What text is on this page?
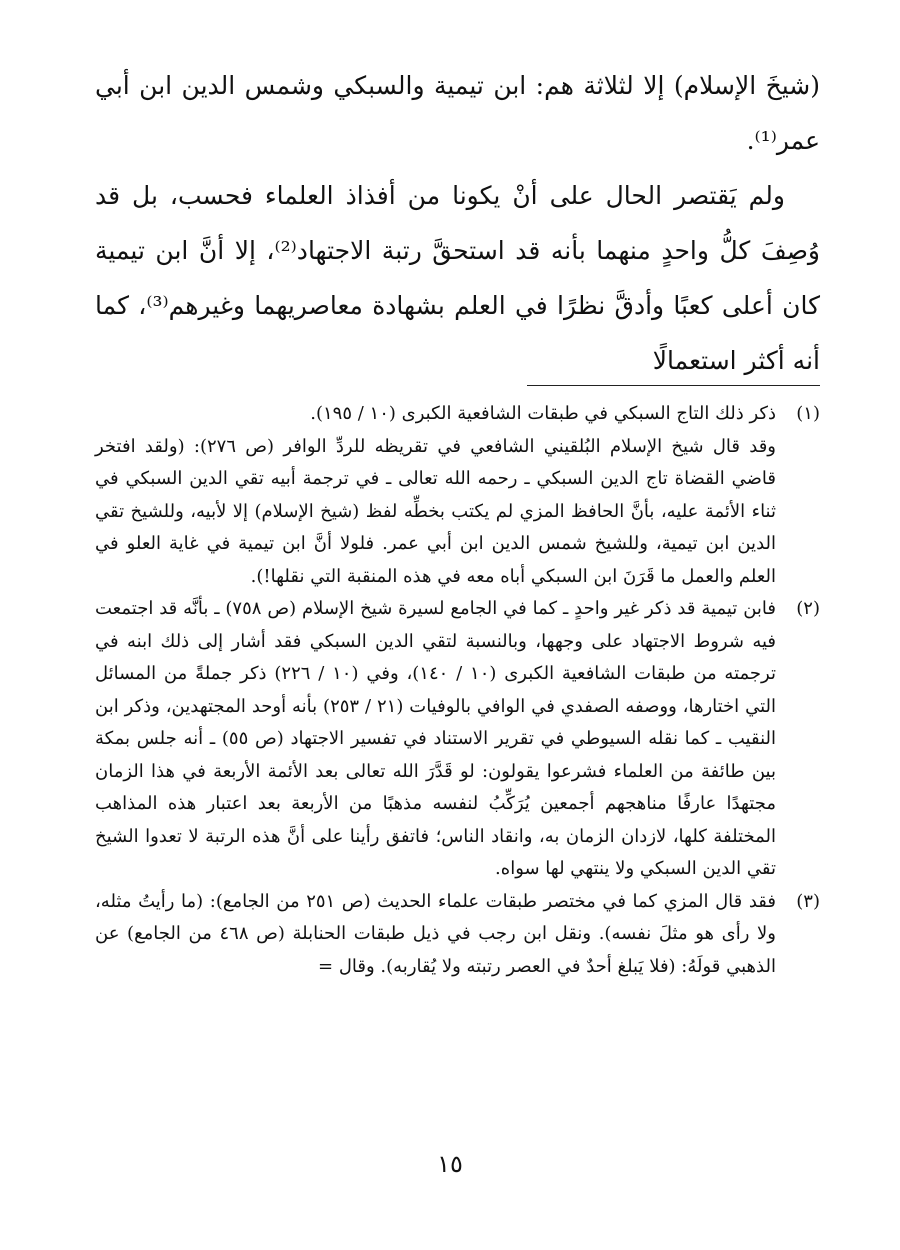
(شيخَ الإسلام) إلا لثلاثة هم: ابن تيمية والسبكي وشمس الدين ابن أبي عمر⁽¹⁾.

ولم يَقتصر الحال على أنْ يكونا من أفذاذ العلماء فحسب، بل قد وُصِفَ كلُّ واحدٍ منهما بأنه قد استحقَّ رتبة الاجتهاد⁽²⁾، إلا أنَّ ابن تيمية كان أعلى كعبًا وأدقَّ نظرًا في العلم بشهادة معاصريهما وغيرهم⁽³⁾، كما أنه أكثر استعمالًا

(١)

ذكر ذلك التاج السبكي في طبقات الشافعية الكبرى (١٠ / ١٩٥).

وقد قال شيخ الإسلام البُلقيني الشافعي في تقريظه للردِّ الوافر (ص ٢٧٦): (ولقد افتخر قاضي القضاة تاج الدين السبكي ـ رحمه الله تعالى ـ في ترجمة أبيه تقي الدين السبكي في ثناء الأئمة عليه، بأنَّ الحافظ المزي لم يكتب بخطِّه لفظ (شيخ الإسلام) إلا لأبيه، وللشيخ تقي الدين ابن تيمية، وللشيخ شمس الدين ابن أبي عمر. فلولا أنَّ ابن تيمية في غاية العلو في العلم والعمل ما قَرَنَ ابن السبكي أباه معه في هذه المنقبة التي نقلها!).
(٢)
فابن تيمية قد ذكر غير واحدٍ ـ كما في الجامع لسيرة شيخ الإسلام (ص ٧٥٨) ـ بأنَّه قد اجتمعت فيه شروط الاجتهاد على وجهها، وبالنسبة لتقي الدين السبكي فقد أشار إلى ذلك ابنه في ترجمته من طبقات الشافعية الكبرى (١٠ / ١٤٠)، وفي (١٠ / ٢٢٦) ذكر جملةً من المسائل التي اختارها، ووصفه الصفدي في الوافي بالوفيات (٢١ / ٢٥٣) بأنه أوحد المجتهدين، وذكر ابن النقيب ـ كما نقله السيوطي في تقرير الاستناد في تفسير الاجتهاد (ص ٥٥) ـ أنه جلس بمكة بين طائفة من العلماء فشرعوا يقولون: لو قَدَّرَ الله تعالى بعد الأئمة الأربعة في هذا الزمان مجتهدًا عارفًا مناهجهم أجمعين يُرَكِّبُ لنفسه مذهبًا من الأربعة بعد اعتبار هذه المذاهب المختلفة كلها، لازدان الزمان به، وانقاد الناس؛ فاتفق رأينا على أنَّ هذه الرتبة لا تعدوا الشيخ تقي الدين السبكي ولا ينتهي لها سواه.
(٣)
فقد قال المزي كما في مختصر طبقات علماء الحديث (ص ٢٥١ من الجامع): (ما رأيتُ مثله، ولا رأى هو مثلَ نفسه). ونقل ابن رجب في ذيل طبقات الحنابلة (ص ٤٦٨ من الجامع) عن الذهبي قولَهُ: (فلا يَبلغ أحدٌ في العصر رتبته ولا يُقاربه). وقال =
١٥
